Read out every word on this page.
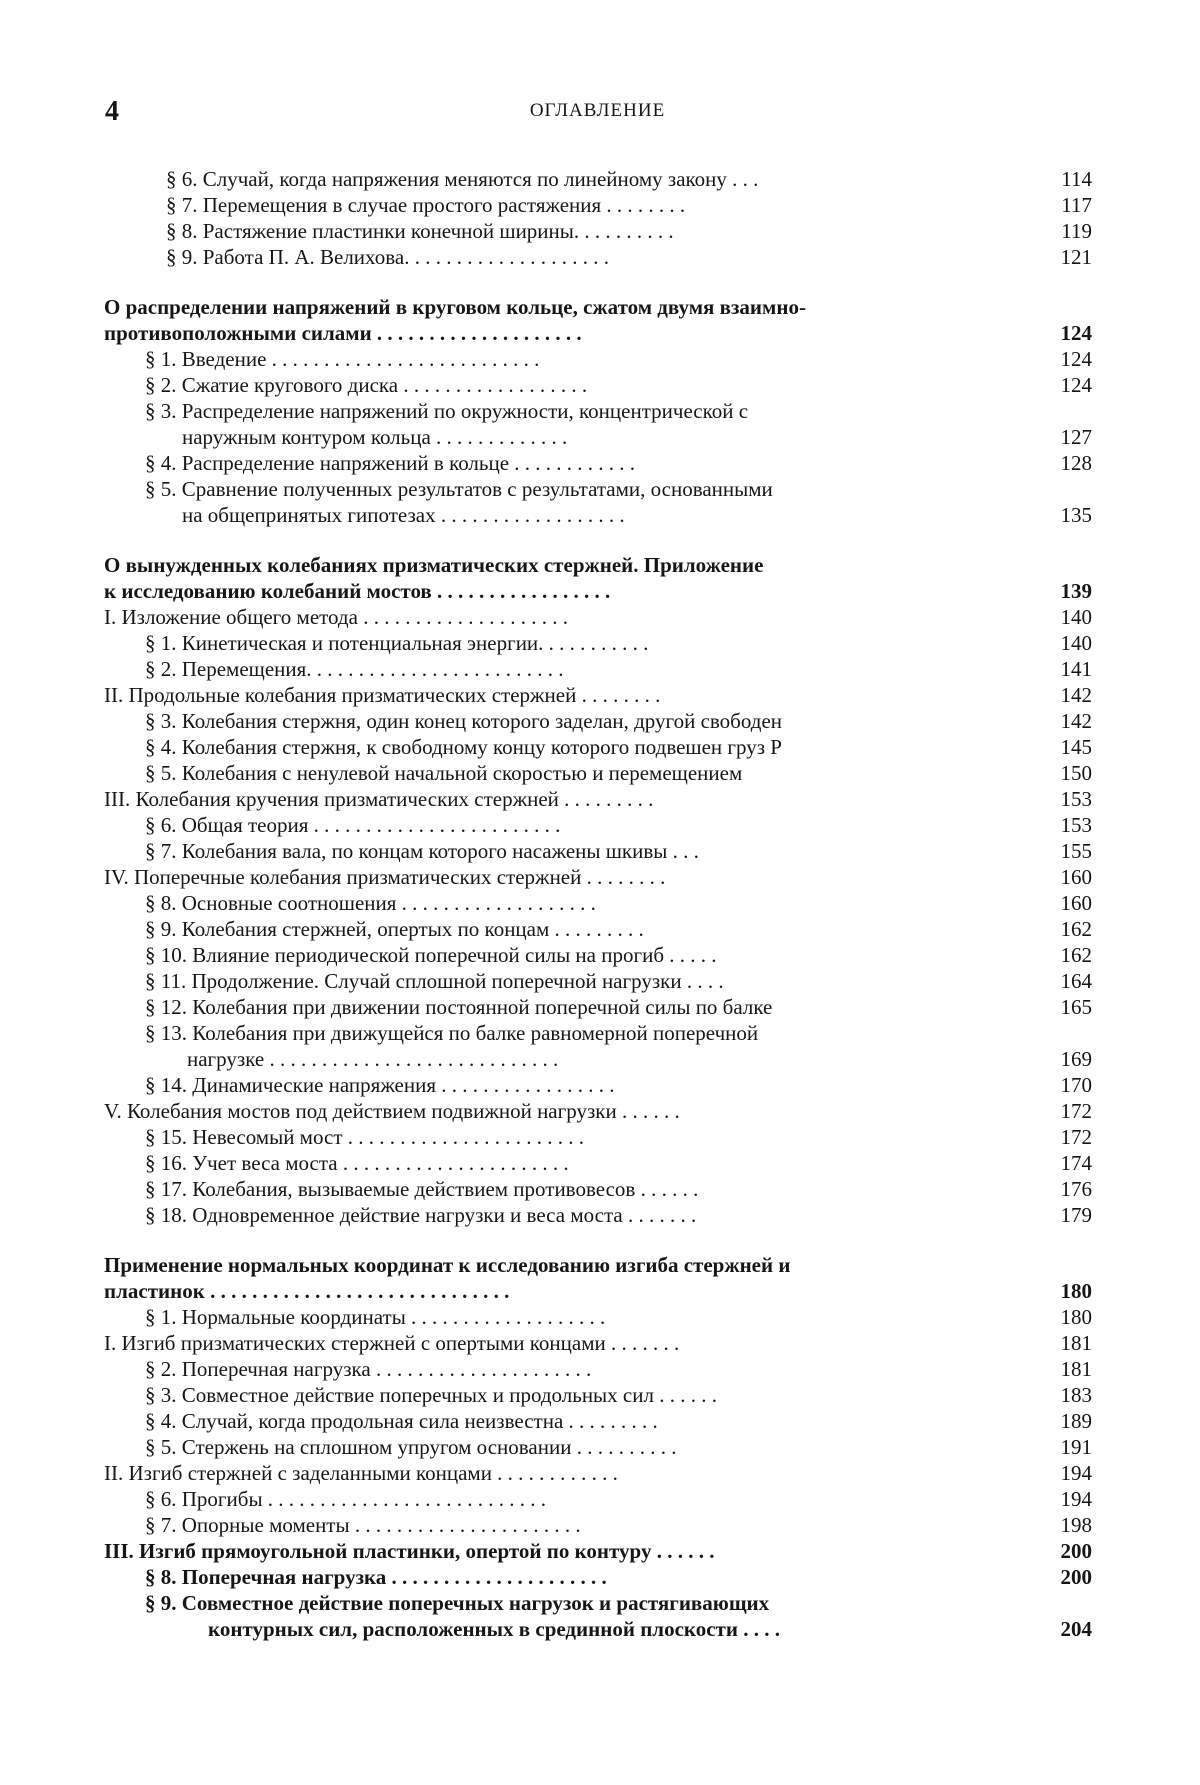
4	ОГЛАВЛЕНИЕ
§ 6. Случай, когда напряжения меняются по линейному закону . . .	114
§ 7. Перемещения в случае простого растяжения . . . . . . . .	117
§ 8. Растяжение пластинки конечной ширины. . . . . . . . . .	119
§ 9. Работа П. А. Велихова. . . . . . . . . . . . . . . . . . . .	121
О распределении напряжений в круговом кольце, сжатом двумя взаимно-
противоположными силами . . . . . . . . . . . . . . . . . . . .	124
§ 1. Введение . . . . . . . . . . . . . . . . . . . . . . . . . .	124
§ 2. Сжатие кругового диска . . . . . . . . . . . . . . . . . .	124
§ 3. Распределение напряжений по окружности, концентрической с
наружным контуром кольца . . . . . . . . . . . . .	127
§ 4. Распределение напряжений в кольце . . . . . . . . . . . .	128
§ 5. Сравнение полученных результатов с результатами, основанными
на общепринятых гипотезах . . . . . . . . . . . . . . . . . .	135
О вынужденных колебаниях призматических стержней. Приложение
к исследованию колебаний мостов . . . . . . . . . . . . . . . . .	139
I. Изложение общего метода . . . . . . . . . . . . . . . . . . . .	140
§ 1. Кинетическая и потенциальная энергии. . . . . . . . . . .	140
§ 2. Перемещения. . . . . . . . . . . . . . . . . . . . . . . . .	141
II. Продольные колебания призматических стержней . . . . . . . .	142
§ 3. Колебания стержня, один конец которого заделан, другой свободен	142
§ 4. Колебания стержня, к свободному концу которого подвешен груз P	145
§ 5. Колебания с ненулевой начальной скоростью и перемещением	150
III. Колебания кручения призматических стержней . . . . . . . . .	153
§ 6. Общая теория . . . . . . . . . . . . . . . . . . . . . . . .	153
§ 7. Колебания вала, по концам которого насажены шкивы . . .	155
IV. Поперечные колебания призматических стержней . . . . . . . .	160
§ 8. Основные соотношения . . . . . . . . . . . . . . . . . . .	160
§ 9. Колебания стержней, опертых по концам . . . . . . . . .	162
§ 10. Влияние периодической поперечной силы на прогиб . . . . .	162
§ 11. Продолжение. Случай сплошной поперечной нагрузки . . . .	164
§ 12. Колебания при движении постоянной поперечной силы по балке	165
§ 13. Колебания при движущейся по балке равномерной поперечной
нагрузке . . . . . . . . . . . . . . . . . . . . . . . . . . . .	169
§ 14. Динамические напряжения . . . . . . . . . . . . . . . . .	170
V. Колебания мостов под действием подвижной нагрузки . . . . . .	172
§ 15. Невесомый мост . . . . . . . . . . . . . . . . . . . . . . .	172
§ 16. Учет веса моста . . . . . . . . . . . . . . . . . . . . . .	174
§ 17. Колебания, вызываемые действием противовесов . . . . . .	176
§ 18. Одновременное действие нагрузки и веса моста . . . . . . .	179
Применение нормальных координат к исследованию изгиба стержней и
пластинок . . . . . . . . . . . . . . . . . . . . . . . . . . . . .	180
§ 1. Нормальные координаты . . . . . . . . . . . . . . . . . . .	180
I. Изгиб призматических стержней с опертыми концами . . . . . . .	181
§ 2. Поперечная нагрузка . . . . . . . . . . . . . . . . . . . . .	181
§ 3. Совместное действие поперечных и продольных сил . . . . . .	183
§ 4. Случай, когда продольная сила неизвестна . . . . . . . . .	189
§ 5. Стержень на сплошном упругом основании . . . . . . . . . .	191
II. Изгиб стержней с заделанными концами . . . . . . . . . . . .	194
§ 6. Прогибы . . . . . . . . . . . . . . . . . . . . . . . . . . .	194
§ 7. Опорные моменты . . . . . . . . . . . . . . . . . . . . . .	198
III. Изгиб прямоугольной пластинки, опертой по контуру . . . . . .	200
§ 8. Поперечная нагрузка . . . . . . . . . . . . . . . . . . . . .	200
§ 9. Совместное действие поперечных нагрузок и растягивающих
контурных сил, расположенных в срединной плоскости . . . .	204
